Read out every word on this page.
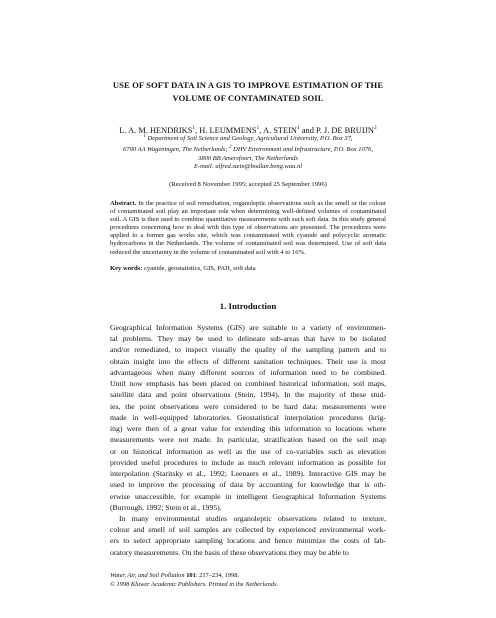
USE OF SOFT DATA IN A GIS TO IMPROVE ESTIMATION OF THE
VOLUME OF CONTAMINATED SOIL
L. A. M. HENDRIKS$^1$, H. LEUMMENS$^1$, A. STEIN$^1$ and P. J. DE BRUIJN$^2$
$^1$ Department of Soil Science and Geology, Agricultural University, P.O. Box 37,
6700 AA Wageningen, The Netherlands; $^2$ DHV Environment and Infrastructure, P.O. Box 1076,
3800 BB Amersfoort, The Netherlands
E-mail: alfred.stein@bodlan.beng.wau.nl
(Received 8 November 1995; accepted 25 September 1996)
Abstract. In the practice of soil remediation, organoleptic observations such as the smell or the colour of contaminated soil play an important role when determining well-defined volumes of contaminated soil. A GIS is then used to combine quantitative measurements with such soft data. In this study general procedures concerning how to deal with this type of observations are presented. The procedures were applied to a former gas works site, which was contaminated with cyanide and polycyclic aromatic hydrocarbons in the Netherlands. The volume of contaminated soil was determined. Use of soft data reduced the uncertainty in the volume of contaminated soil with 4 to 16%.
Key words: cyanide, geostatistics, GIS, PAH, soft data
1. Introduction
Geographical Information Systems (GIS) are suitable to a variety of environmen-
tal problems. They may be used to delineate sub-areas that have to be isolated
and/or remediated, to inspect visually the quality of the sampling pattern and to
obtain insight into the effects of different sanitation techniques. Their use is most
advantageous when many different sources of information need to be combined.
Until now emphasis has been placed on combined historical information, soil maps,
satellite data and point observations (Stein, 1994). In the majority of these stud-
ies, the point observations were considered to be hard data: measurements were
made in well-equipped laboratories. Geostatistical interpolation procedures (krig-
ing) were then of a great value for extending this information to locations where
measurements were not made. In particular, stratification based on the soil map
or on historical information as well as the use of co-variables such as elevation
provided useful procedures to include as much relevant information as possible for
interpolation (Staritsky et al., 1992; Leenaers et al., 1989). Interactive GIS may be
used to improve the processing of data by accounting for knowledge that is oth-
erwise unaccessible, for example in intelligent Geographical Information Systems
(Burrough, 1992; Stein et al., 1995).
In many environmental studies organoleptic observations related to texture,
colour and smell of soil samples are collected by experienced environmental work-
ers to select appropriate sampling locations and hence minimize the costs of lab-
oratory measurements. On the basis of these observations they may be able to
Water, Air, and Soil Pollution 101: 217–234, 1998.
© 1998 Kluwer Academic Publishers. Printed in the Netherlands.
